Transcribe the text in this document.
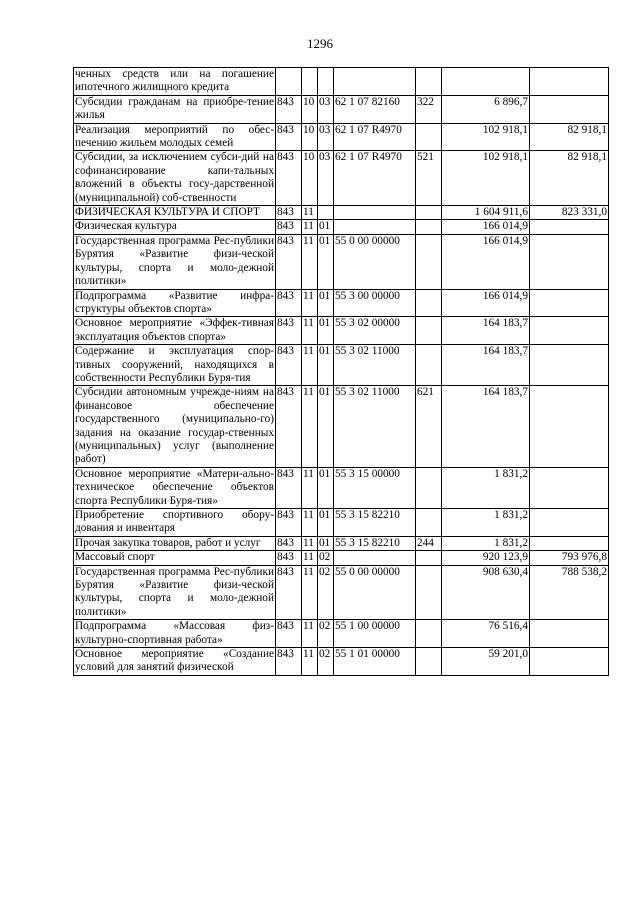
1296
ченных средств или на погашение ипотечного жилищного кредита							
Субсидии гражданам на приобре-тение жилья	843	10	03	62 1 07 82160	322	6 896,7	
Реализация мероприятий по обес-печению жильем молодых семей	843	10	03	62 1 07 R4970		102 918,1	82 918,1
Субсидии, за исключением субси-дий на софинансирование капи-тальных вложений в объекты госу-дарственной (муниципальной) соб-ственности	843	10	03	62 1 07 R4970	521	102 918,1	82 918,1
ФИЗИЧЕСКАЯ КУЛЬТУРА И СПОРТ	843	11				1 604 911,6	823 331,0
Физическая культура	843	11	01			166 014,9	
Государственная программа Рес-публики Бурятия «Развитие физи-ческой культуры, спорта и моло-дежной политики»	843	11	01	55 0 00 00000		166 014,9	
Подпрограмма «Развитие инфра-структуры объектов спорта»	843	11	01	55 3 00 00000		166 014,9	
Основное мероприятие «Эффек-тивная эксплуатация объектов спорта»	843	11	01	55 3 02 00000		164 183,7	
Содержание и эксплуатация спор-тивных сооружений, находящихся в собственности Республики Буря-тия	843	11	01	55 3 02 11000		164 183,7	
Субсидии автономным учрежде-ниям на финансовое обеспечение государственного (муниципально-го) задания на оказание государ-ственных (муниципальных) услуг (выполнение работ)	843	11	01	55 3 02 11000	621	164 183,7	
Основное мероприятие «Матери-ально-техническое обеспечение объектов спорта Республики Буря-тия»	843	11	01	55 3 15 00000		1 831,2	
Приобретение спортивного обору-дования и инвентаря	843	11	01	55 3 15 82210		1 831,2	
Прочая закупка товаров, работ и услуг	843	11	01	55 3 15 82210	244	1 831,2	
Массовый спорт	843	11	02			920 123,9	793 976,8
Государственная программа Рес-публики Бурятия «Развитие физи-ческой культуры, спорта и моло-дежной политики»	843	11	02	55 0 00 00000		908 630,4	788 538,2
Подпрограмма «Массовая физ-культурно-спортивная работа»	843	11	02	55 1 00 00000		76 516,4	
Основное мероприятие «Создание условий для занятий физической	843	11	02	55 1 01 00000		59 201,0	
